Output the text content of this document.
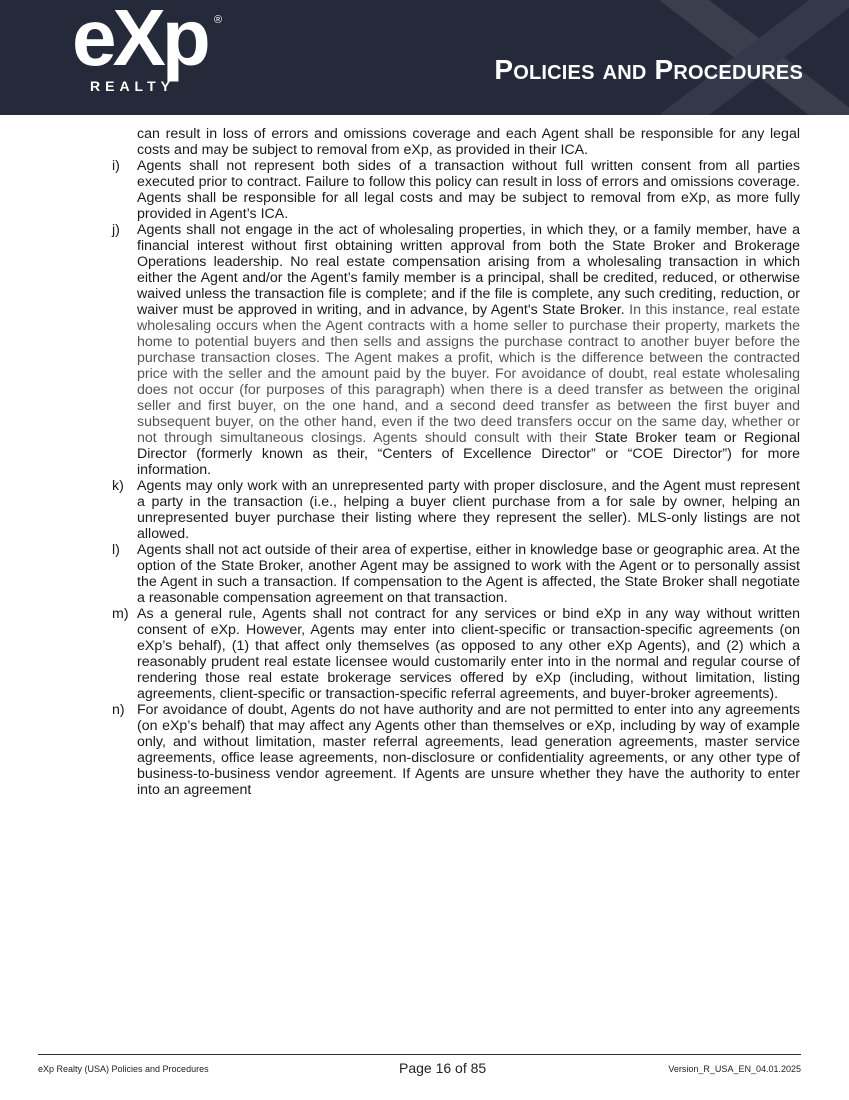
eXp ®
REALTY
Policies and Procedures
can result in loss of errors and omissions coverage and each Agent shall be responsible for any legal costs and may be subject to removal from eXp, as provided in their ICA.
i) Agents shall not represent both sides of a transaction without full written consent from all parties executed prior to contract. Failure to follow this policy can result in loss of errors and omissions coverage. Agents shall be responsible for all legal costs and may be subject to removal from eXp, as more fully provided in Agent’s ICA.
j) Agents shall not engage in the act of wholesaling properties, in which they, or a family member, have a financial interest without first obtaining written approval from both the State Broker and Brokerage Operations leadership. No real estate compensation arising from a wholesaling transaction in which either the Agent and/or the Agent’s family member is a principal, shall be credited, reduced, or otherwise waived unless the transaction file is complete; and if the file is complete, any such crediting, reduction, or waiver must be approved in writing, and in advance, by Agent's State Broker. In this instance, real estate wholesaling occurs when the Agent contracts with a home seller to purchase their property, markets the home to potential buyers and then sells and assigns the purchase contract to another buyer before the purchase transaction closes. The Agent makes a profit, which is the difference between the contracted price with the seller and the amount paid by the buyer. For avoidance of doubt, real estate wholesaling does not occur (for purposes of this paragraph) when there is a deed transfer as between the original seller and first buyer, on the one hand, and a second deed transfer as between the first buyer and subsequent buyer, on the other hand, even if the two deed transfers occur on the same day, whether or not through simultaneous closings. Agents should consult with their State Broker team or Regional Director (formerly known as their, “Centers of Excellence Director” or “COE Director”) for more information.
k) Agents may only work with an unrepresented party with proper disclosure, and the Agent must represent a party in the transaction (i.e., helping a buyer client purchase from a for sale by owner, helping an unrepresented buyer purchase their listing where they represent the seller). MLS-only listings are not allowed.
l) Agents shall not act outside of their area of expertise, either in knowledge base or geographic area. At the option of the State Broker, another Agent may be assigned to work with the Agent or to personally assist the Agent in such a transaction. If compensation to the Agent is affected, the State Broker shall negotiate a reasonable compensation agreement on that transaction.
m) As a general rule, Agents shall not contract for any services or bind eXp in any way without written consent of eXp. However, Agents may enter into client-specific or transaction-specific agreements (on eXp’s behalf), (1) that affect only themselves (as opposed to any other eXp Agents), and (2) which a reasonably prudent real estate licensee would customarily enter into in the normal and regular course of rendering those real estate brokerage services offered by eXp (including, without limitation, listing agreements, client-specific or transaction-specific referral agreements, and buyer-broker agreements).
n) For avoidance of doubt, Agents do not have authority and are not permitted to enter into any agreements (on eXp’s behalf) that may affect any Agents other than themselves or eXp, including by way of example only, and without limitation, master referral agreements, lead generation agreements, master service agreements, office lease agreements, non-disclosure or confidentiality agreements, or any other type of business-to-business vendor agreement. If Agents are unsure whether they have the authority to enter into an agreement
eXp Realty (USA) Policies and Procedures	Page 16 of 85	Version_R_USA_EN_04.01.2025
